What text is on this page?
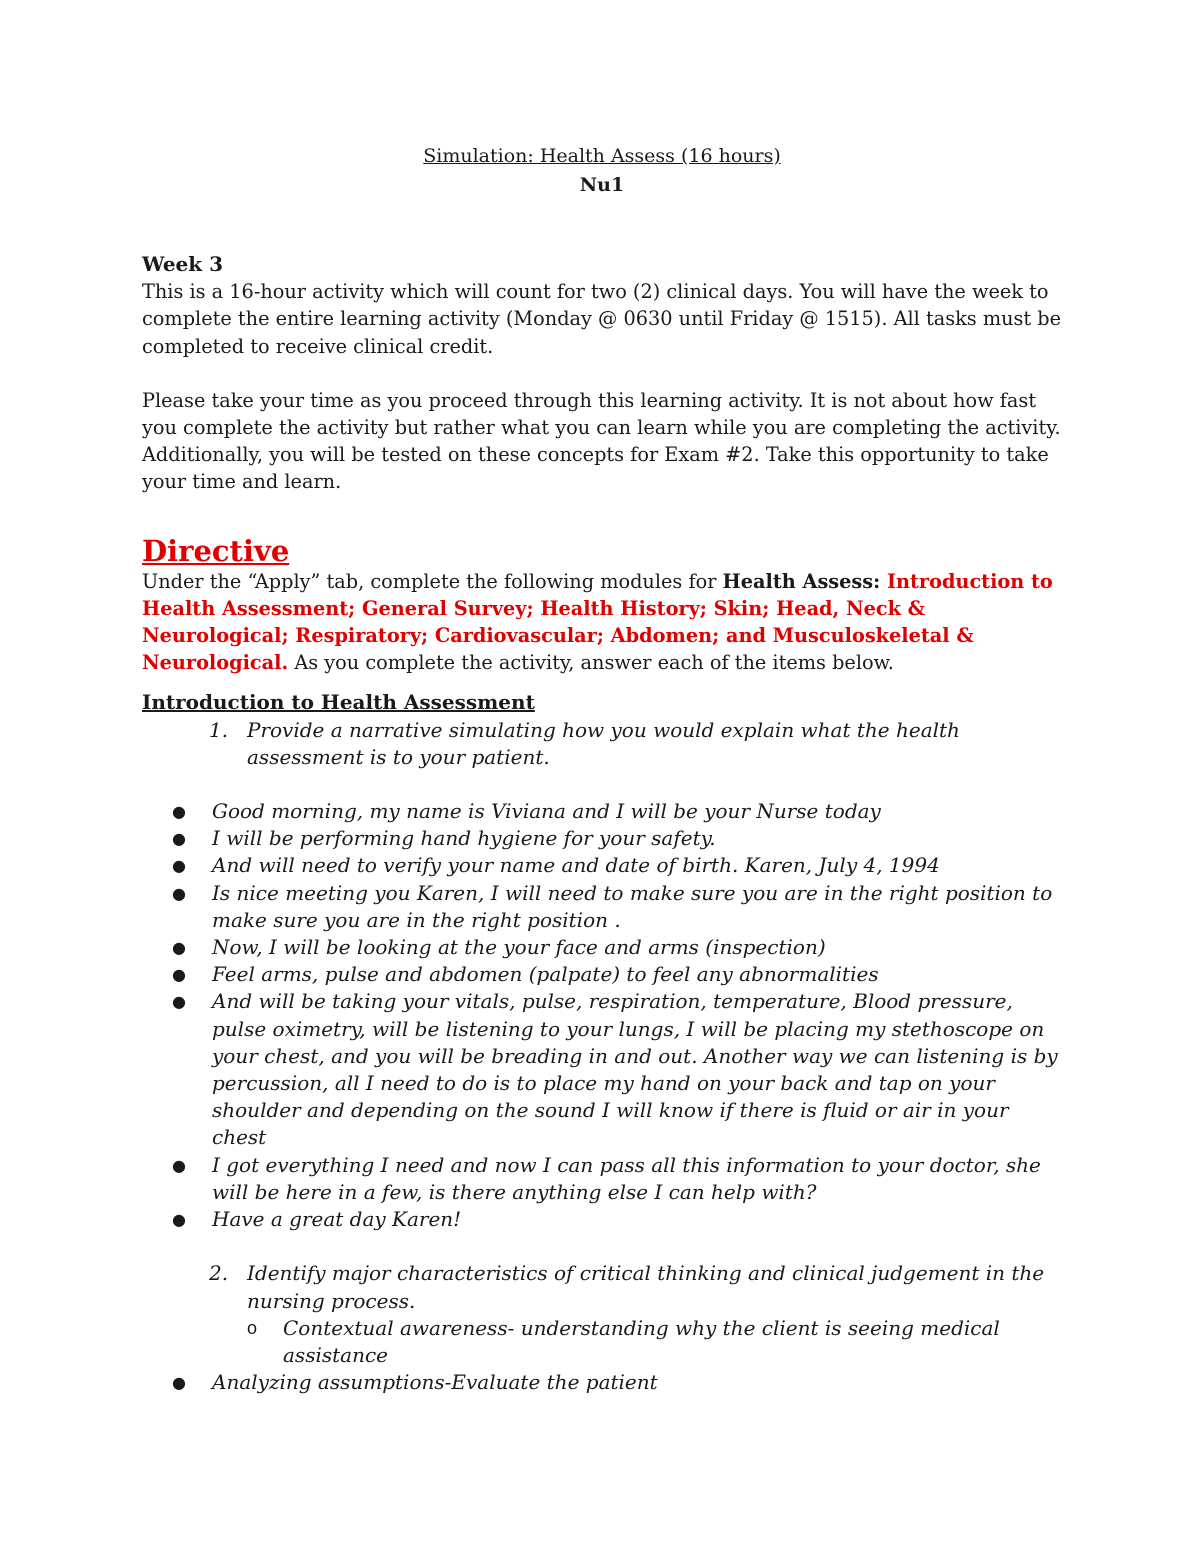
Simulation: Health Assess (16 hours)

Nu1

Week 3

This is a 16-hour activity which will count for two (2) clinical days. You will have the week to complete the entire learning activity (Monday @ 0630 until Friday @ 1515). All tasks must be completed to receive clinical credit.

Please take your time as you proceed through this learning activity. It is not about how fast you complete the activity but rather what you can learn while you are completing the activity. Additionally, you will be tested on these concepts for Exam #2. Take this opportunity to take your time and learn.

Directive

Under the “Apply” tab, complete the following modules for Health Assess: Introduction to Health Assessment; General Survey; Health History; Skin; Head, Neck & Neurological; Respiratory; Cardiovascular; Abdomen; and Musculoskeletal & Neurological. As you complete the activity, answer each of the items below.

Introduction to Health Assessment

1. Provide a narrative simulating how you would explain what the health assessment is to your patient.

●	Good morning, my name is Viviana and I will be your Nurse today

●	I will be performing hand hygiene for your safety.

●	And will need to verify your name and date of birth. Karen, July 4, 1994

●	Is nice meeting you Karen, I will need to make sure you are in the right position to make sure you are in the right position .

●	Now, I will be looking at the your face and arms (inspection)

●	Feel arms, pulse and abdomen (palpate) to feel any abnormalities

●	And will be taking your vitals, pulse, respiration, temperature, Blood pressure, pulse oximetry, will be listening to your lungs, I will be placing my stethoscope on your chest, and you will be breading in and out. Another way we can listening is by percussion, all I need to do is to place my hand on your back and tap on your shoulder and depending on the sound I will know if there is fluid or air in your chest

●	I got everything I need and now I can pass all this information to your doctor, she will be here in a few, is there anything else I can help with?

●	Have a great day Karen!

2. Identify major characteristics of critical thinking and clinical judgement in the nursing process.

o	Contextual awareness- understanding why the client is seeing medical assistance

●	Analyzing assumptions-Evaluate the patient
